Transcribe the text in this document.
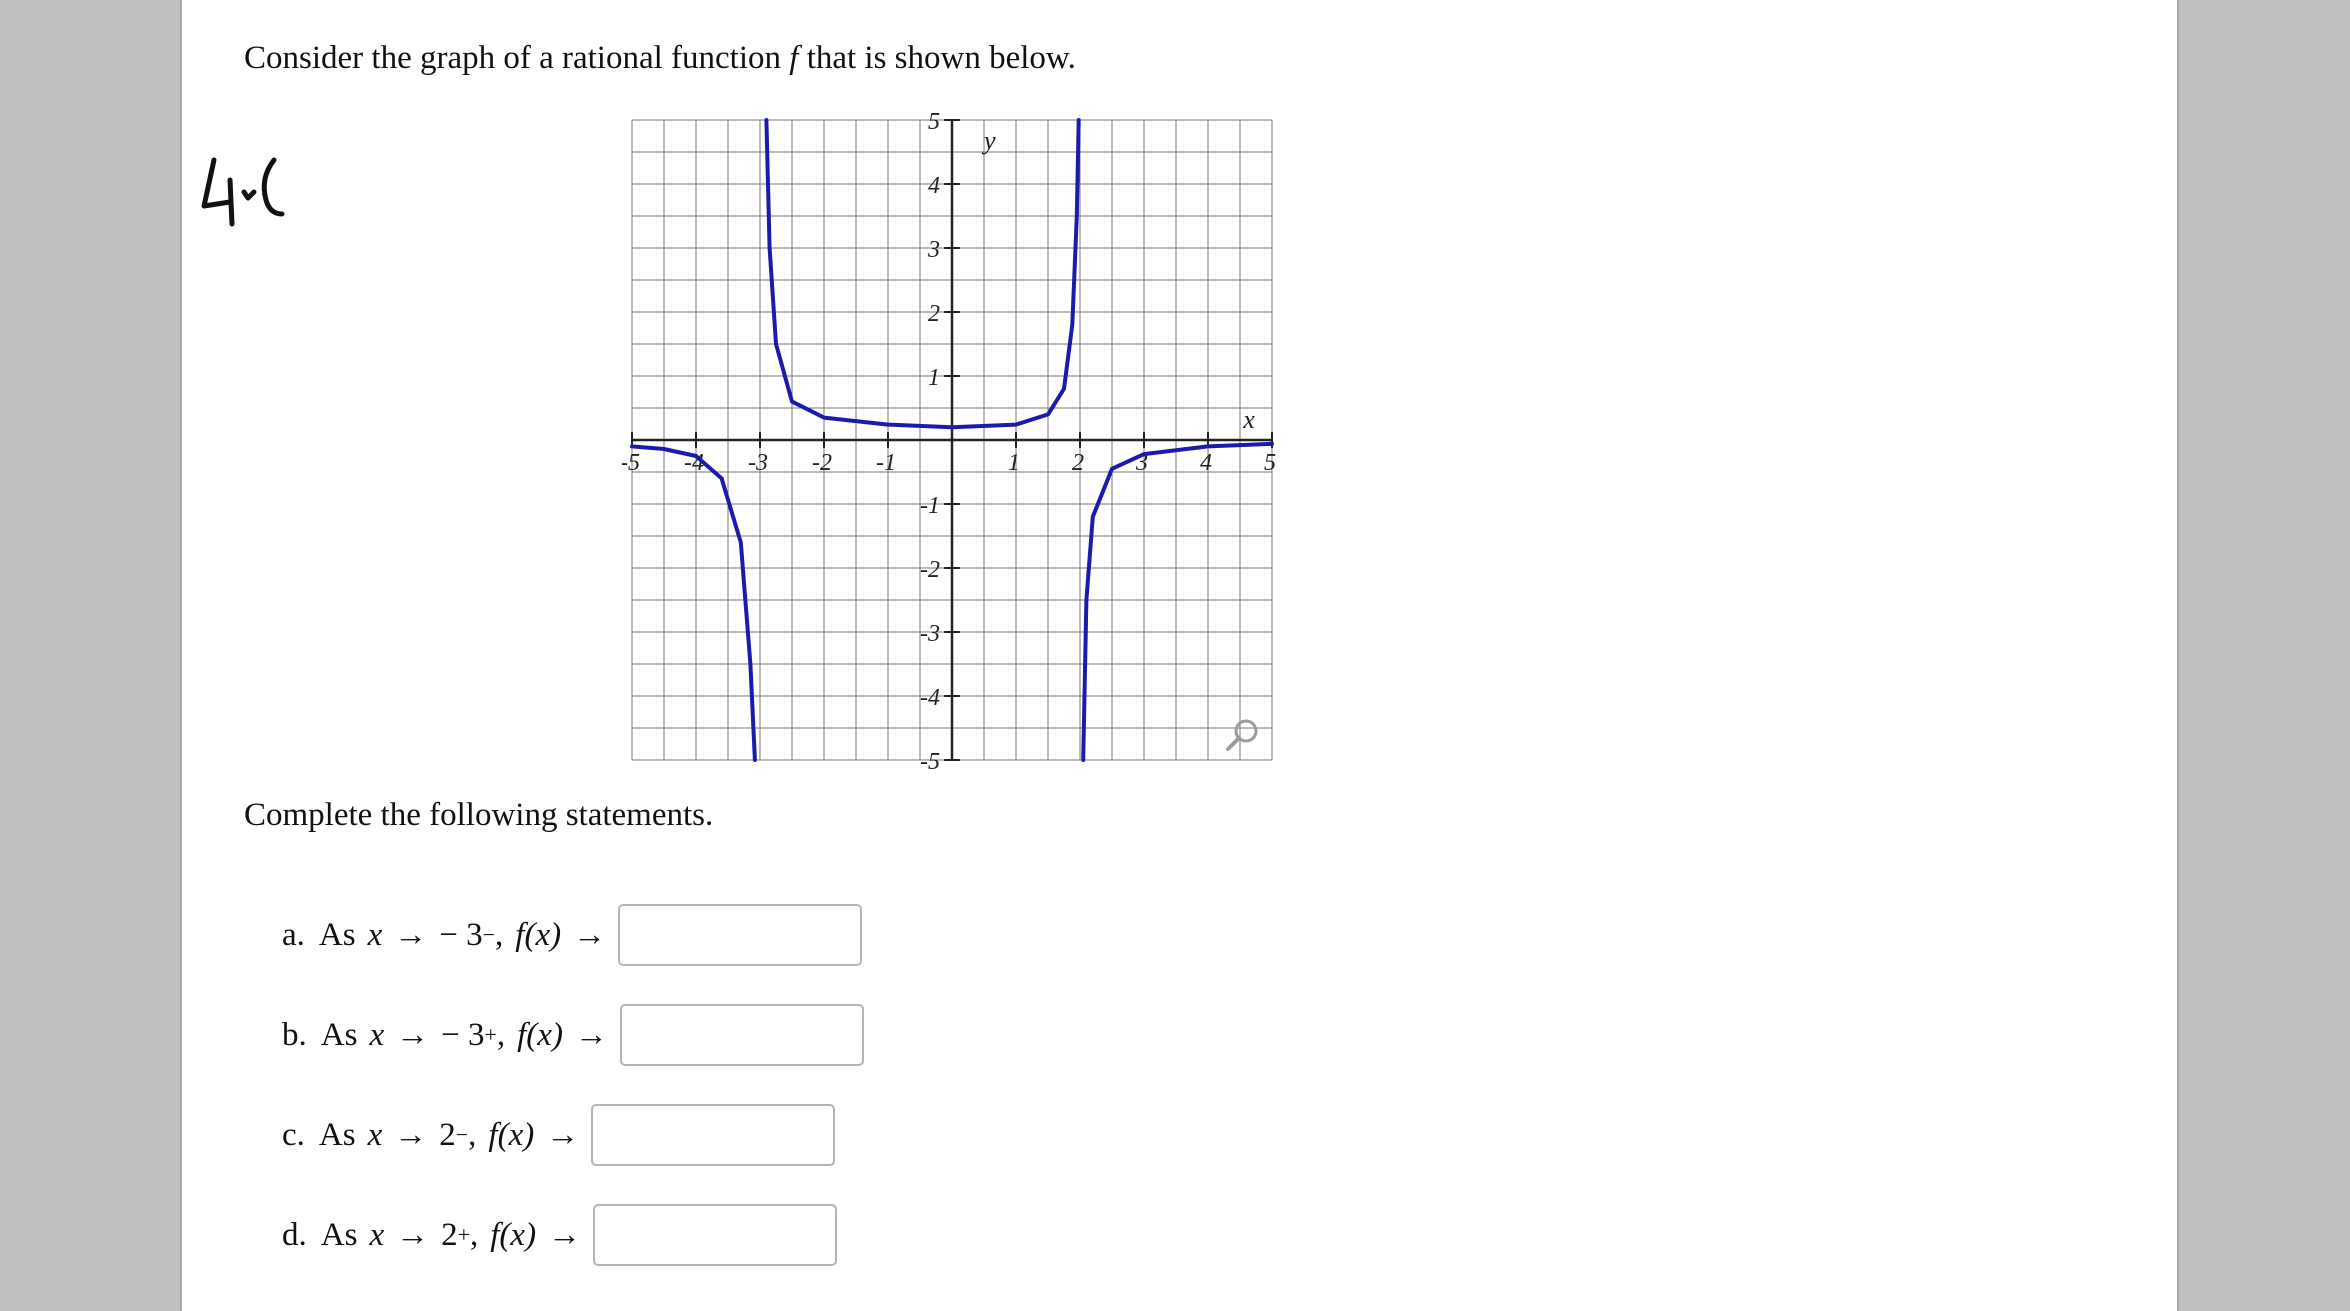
Consider the graph of a rational function f that is shown below.
-5 -4 -3 -2 -1	1 2 3 4 5
5
4
3
2
1
-1
-2
-3
-4
-5
x
y
Complete the following statements.
a. As x → − 3 − , f(x) →
b. As x → − 3 + , f(x) →
c. As x → 2 − , f(x) →
d. As x → 2 + , f(x) →
